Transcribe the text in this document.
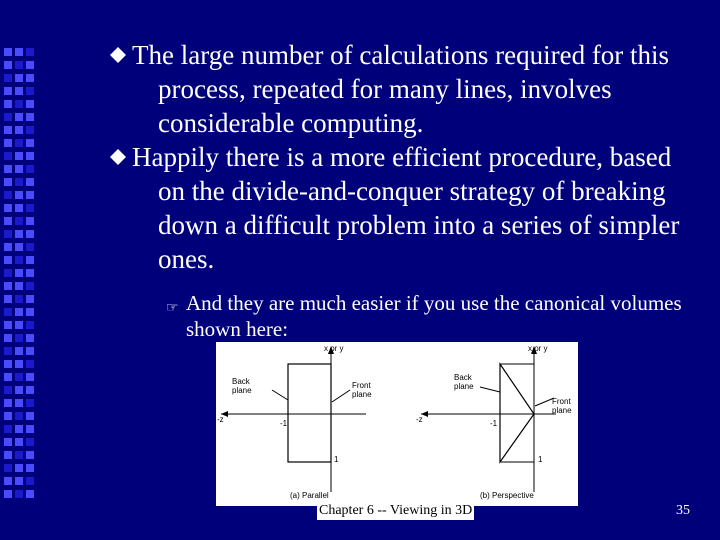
The large number of calculations required for this process, repeated for many lines, involves considerable computing.
Happily there is a more efficient procedure, based on the divide-and-conquer strategy of breaking down a difficult problem into a series of simpler ones.
☞ And they are much easier if you use the canonical volumes shown here:
x or y
Back
plane
Front
plane
-z	-1
1
(a) Parallel
x or y
Back
plane
Front
plane
-z	-1
1
(b) Perspective
Chapter 6 -- Viewing in 3D	35
